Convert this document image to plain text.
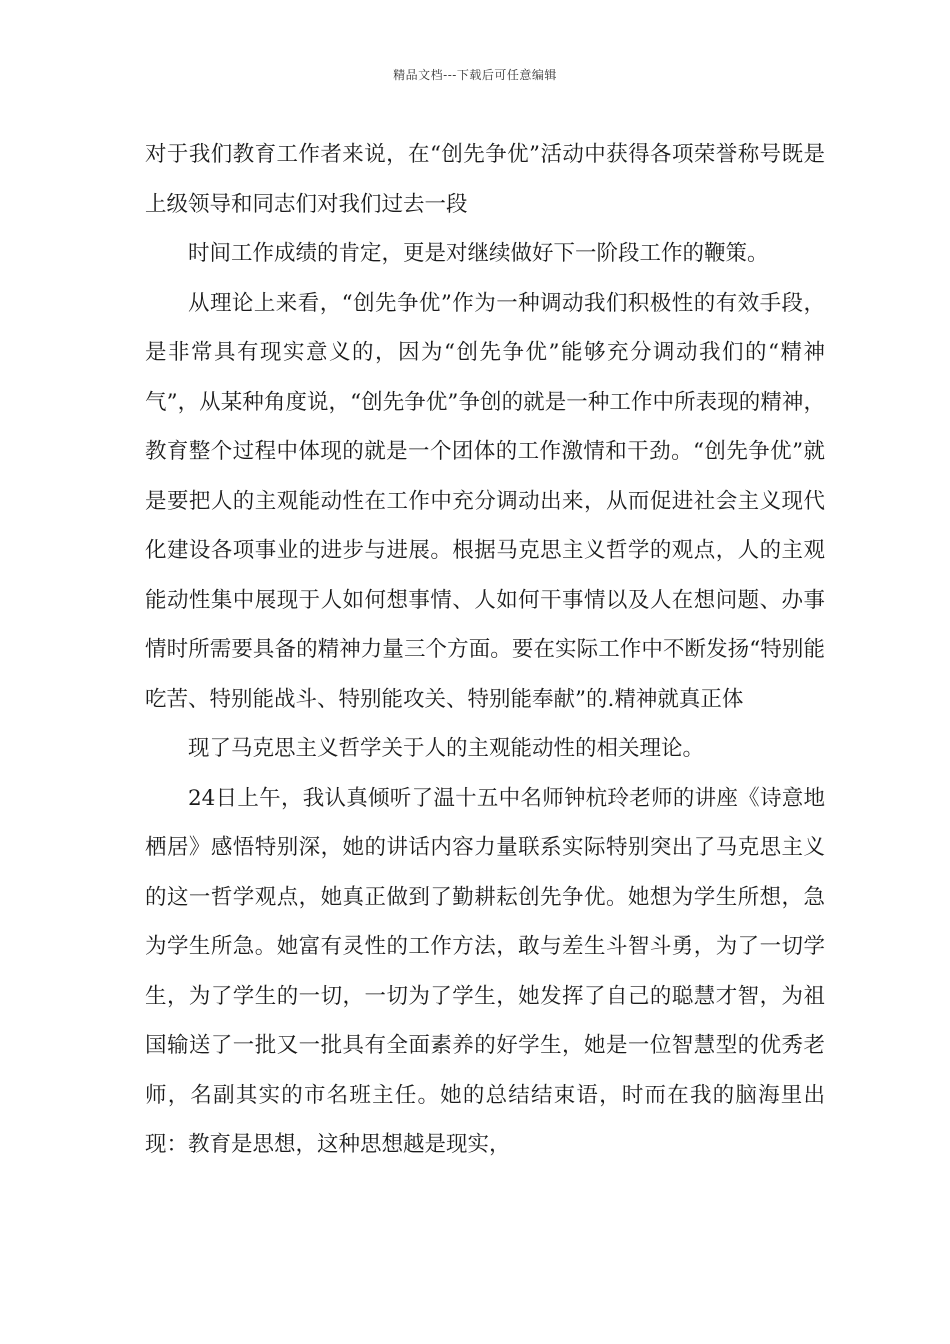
精品文档---下载后可任意编辑

对于我们教育工作者来说，在“创先争优”活动中获得各项荣誉称号既是上级领导和同志们对我们过去一段

时间工作成绩的肯定，更是对继续做好下一阶段工作的鞭策。

从理论上来看，“创先争优”作为一种调动我们积极性的有效手段，是非常具有现实意义的，因为“创先争优”能够充分调动我们的“精神气”，从某种角度说，“创先争优”争创的就是一种工作中所表现的精神，教育整个过程中体现的就是一个团体的工作激情和干劲。“创先争优”就是要把人的主观能动性在工作中充分调动出来，从而促进社会主义现代化建设各项事业的进步与进展。根据马克思主义哲学的观点，人的主观能动性集中展现于人如何想事情、人如何干事情以及人在想问题、办事情时所需要具备的精神力量三个方面。要在实际工作中不断发扬“特别能吃苦、特别能战斗、特别能攻关、特别能奉献”的.精神就真正体

现了马克思主义哲学关于人的主观能动性的相关理论。

24日上午，我认真倾听了温十五中名师钟杭玲老师的讲座《诗意地栖居》感悟特别深，她的讲话内容力量联系实际特别突出了马克思主义的这一哲学观点，她真正做到了勤耕耘创先争优。她想为学生所想，急为学生所急。她富有灵性的工作方法，敢与差生斗智斗勇，为了一切学生，为了学生的一切，一切为了学生，她发挥了自己的聪慧才智，为祖国输送了一批又一批具有全面素养的好学生，她是一位智慧型的优秀老师，名副其实的市名班主任。她的总结结束语，时而在我的脑海里出现：教育是思想，这种思想越是现实，
